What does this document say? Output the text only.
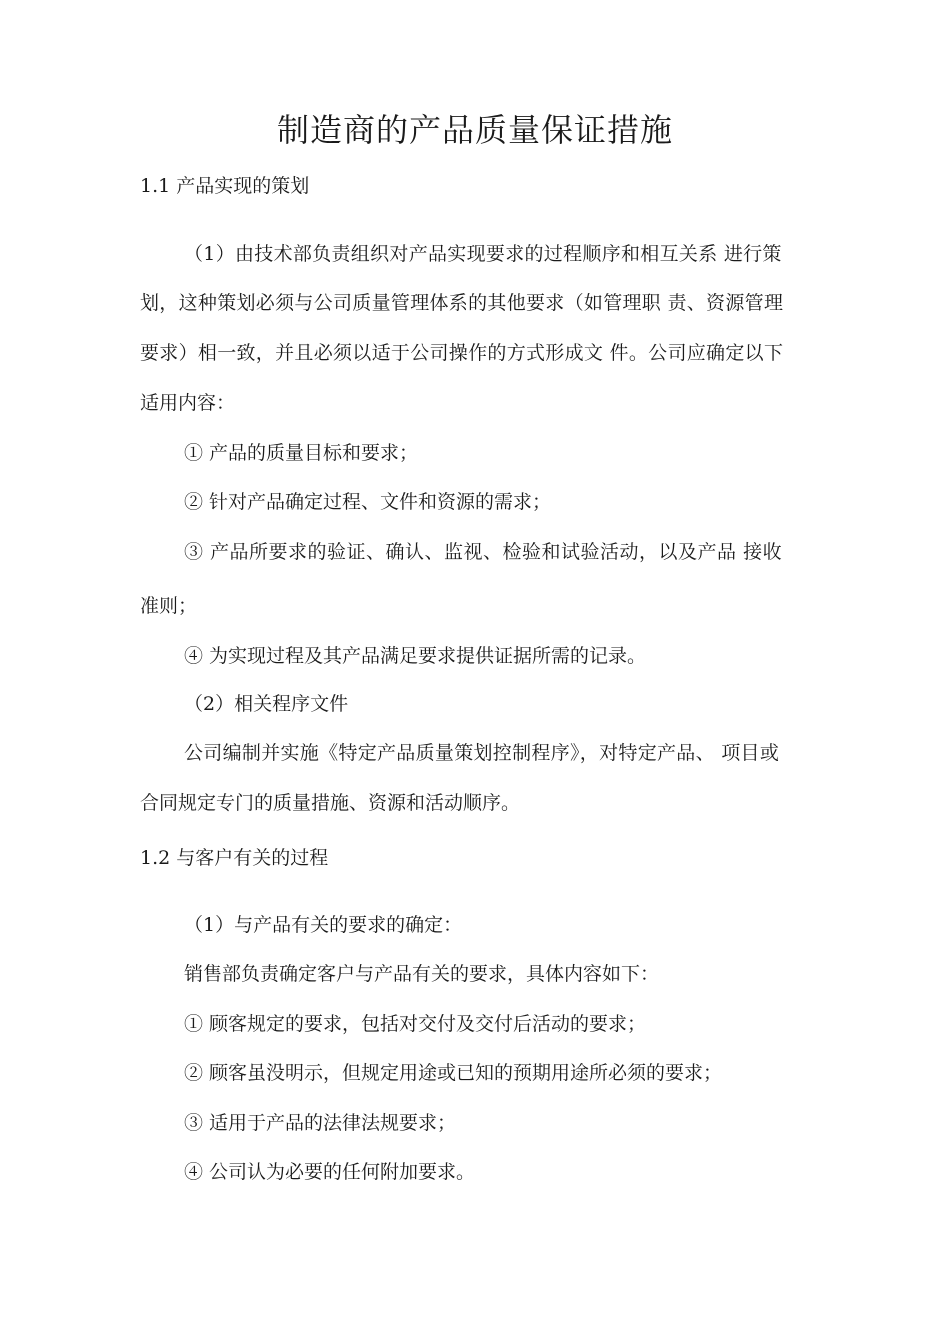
制造商的产品质量保证措施
1.1 产品实现的策划
（1）由技术部负责组织对产品实现要求的过程顺序和相互关系 进行策
划，这种策划必须与公司质量管理体系的其他要求（如管理职 责、资源管理
要求）相一致，并且必须以适于公司操作的方式形成文 件。公司应确定以下
适用内容：
① 产品的质量目标和要求；
② 针对产品确定过程、文件和资源的需求；
③ 产品所要求的验证、确认、监视、检验和试验活动，以及产品 接收
准则；
④ 为实现过程及其产品满足要求提供证据所需的记录。
（2）相关程序文件
公司编制并实施《特定产品质量策划控制程序》，对特定产品、 项目或
合同规定专门的质量措施、资源和活动顺序。
1.2 与客户有关的过程
（1）与产品有关的要求的确定：
销售部负责确定客户与产品有关的要求，具体内容如下：
① 顾客规定的要求，包括对交付及交付后活动的要求；
② 顾客虽没明示，但规定用途或已知的预期用途所必须的要求；
③ 适用于产品的法律法规要求；
④ 公司认为必要的任何附加要求。
